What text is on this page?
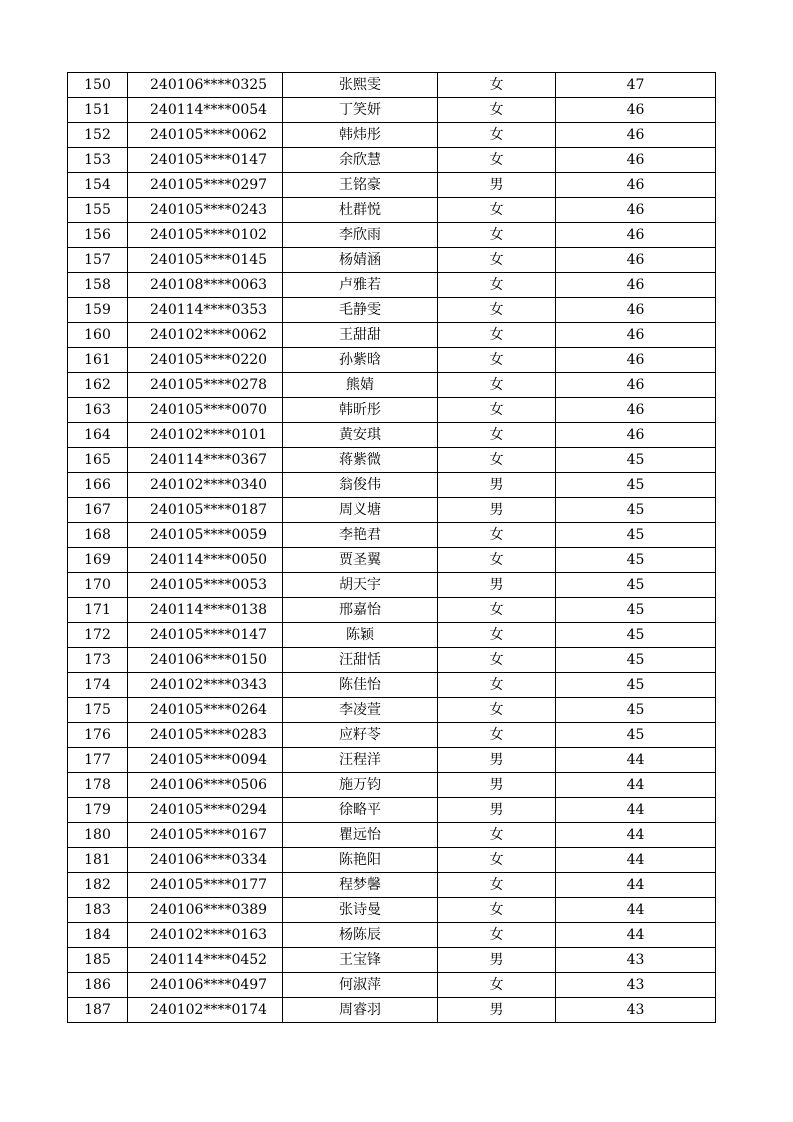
150	240106****0325	张熙雯	女	47
151	240114****0054	丁笑妍	女	46
152	240105****0062	韩炜彤	女	46
153	240105****0147	余欣慧	女	46
154	240105****0297	王铭豪	男	46
155	240105****0243	杜群悦	女	46
156	240105****0102	李欣雨	女	46
157	240105****0145	杨婧涵	女	46
158	240108****0063	卢雅若	女	46
159	240114****0353	毛静雯	女	46
160	240102****0062	王甜甜	女	46
161	240105****0220	孙紫晗	女	46
162	240105****0278	熊婧	女	46
163	240105****0070	韩昕彤	女	46
164	240102****0101	黄安琪	女	46
165	240114****0367	蒋紫微	女	45
166	240102****0340	翁俊伟	男	45
167	240105****0187	周义塘	男	45
168	240105****0059	李艳君	女	45
169	240114****0050	贾圣翼	女	45
170	240105****0053	胡天宇	男	45
171	240114****0138	邢嘉怡	女	45
172	240105****0147	陈颖	女	45
173	240106****0150	汪甜恬	女	45
174	240102****0343	陈佳怡	女	45
175	240105****0264	李凌萱	女	45
176	240105****0283	应籽苓	女	45
177	240105****0094	汪程洋	男	44
178	240106****0506	施万钧	男	44
179	240105****0294	徐略平	男	44
180	240105****0167	瞿远怡	女	44
181	240106****0334	陈艳阳	女	44
182	240105****0177	程梦馨	女	44
183	240106****0389	张诗曼	女	44
184	240102****0163	杨陈辰	女	44
185	240114****0452	王宝锋	男	43
186	240106****0497	何淑萍	女	43
187	240102****0174	周睿羽	男	43
